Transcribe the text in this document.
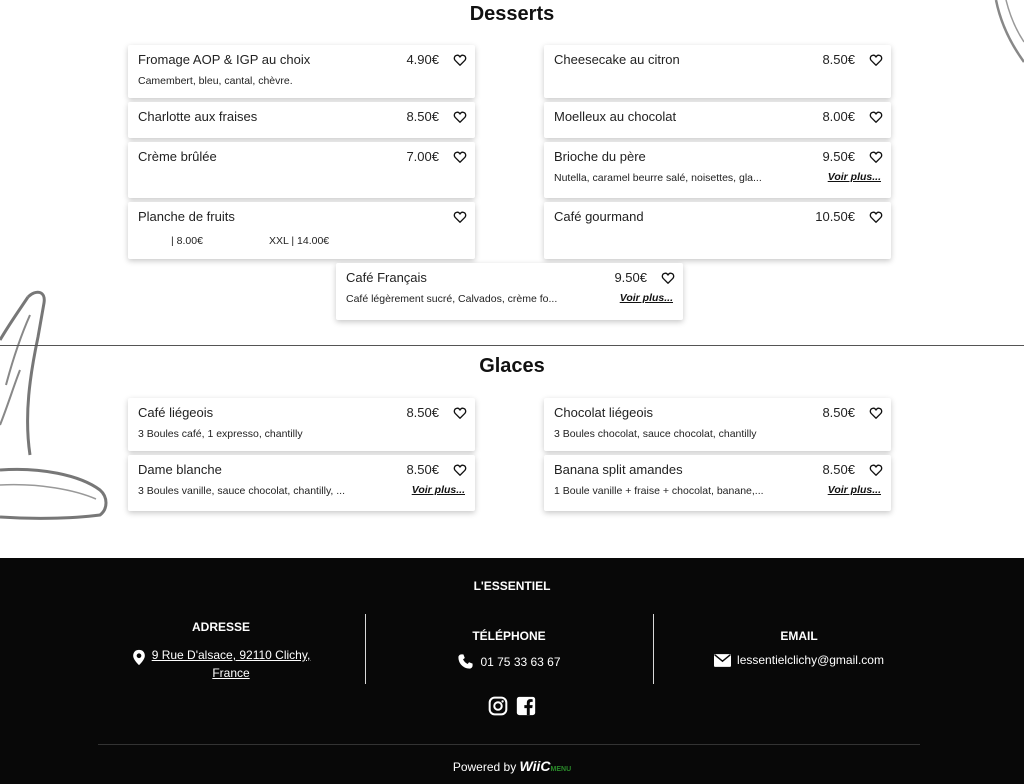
Desserts
Fromage AOP & IGP au choix	4.90€
Camembert, bleu, cantal, chèvre.
Cheesecake au citron	8.50€
Charlotte aux fraises	8.50€	Moelleux au chocolat	8.00€
Crème brûlée	7.00€	Brioche du père	9.50€
Nutella, caramel beurre salé, noisettes, gla...	Voir plus...
Planche de fruits
| 8.00€	XXL | 14.00€
Café gourmand	10.50€
Café Français	9.50€
Café légèrement sucré, Calvados, crème fo...	Voir plus...
Glaces
Café liégeois	8.50€
3 Boules café, 1 expresso, chantilly
Chocolat liégeois	8.50€
3 Boules chocolat, sauce chocolat, chantilly
Dame blanche	8.50€
3 Boules vanille, sauce chocolat, chantilly, ...	Voir plus...
Banana split amandes	8.50€
1 Boule vanille + fraise + chocolat, banane,...	Voir plus...
L'ESSENTIEL
ADRESSE
9 Rue D'alsace, 92110 Clichy,
France
TÉLÉPHONE
01 75 33 63 67
EMAIL
lessentielclichy@gmail.com
Powered by WiiCMENU
